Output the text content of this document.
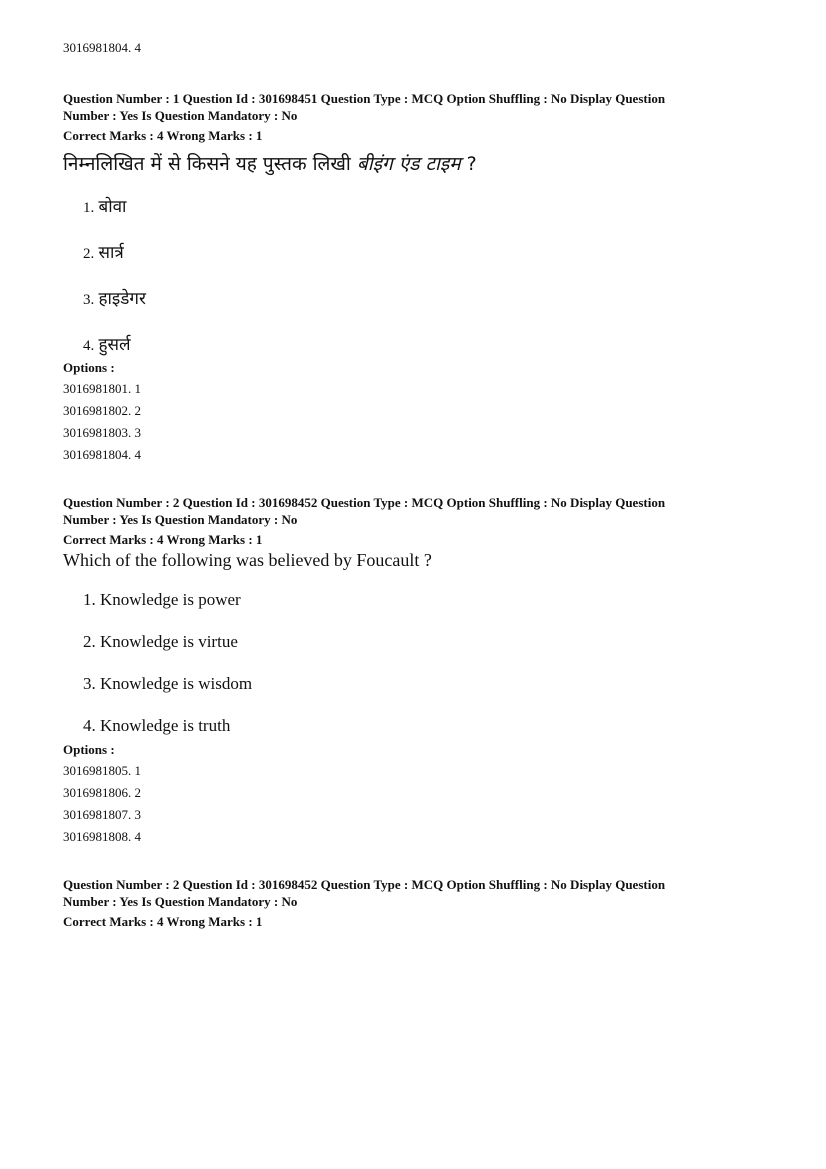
3016981804. 4
Question Number : 1 Question Id : 301698451 Question Type : MCQ Option Shuffling : No Display Question
Number : Yes Is Question Mandatory : No
Correct Marks : 4 Wrong Marks : 1
निम्नलिखित में से किसने यह पुस्तक लिखी बीइंग एंड टाइम ?
1. बोवा
2. सार्त्र
3. हाइडेगर
4. हुसर्ल
Options :
3016981801. 1
3016981802. 2
3016981803. 3
3016981804. 4
Question Number : 2 Question Id : 301698452 Question Type : MCQ Option Shuffling : No Display Question
Number : Yes Is Question Mandatory : No
Correct Marks : 4 Wrong Marks : 1
Which of the following was believed by Foucault ?
1. Knowledge is power
2. Knowledge is virtue
3. Knowledge is wisdom
4. Knowledge is truth
Options :
3016981805. 1
3016981806. 2
3016981807. 3
3016981808. 4
Question Number : 2 Question Id : 301698452 Question Type : MCQ Option Shuffling : No Display Question
Number : Yes Is Question Mandatory : No
Correct Marks : 4 Wrong Marks : 1
